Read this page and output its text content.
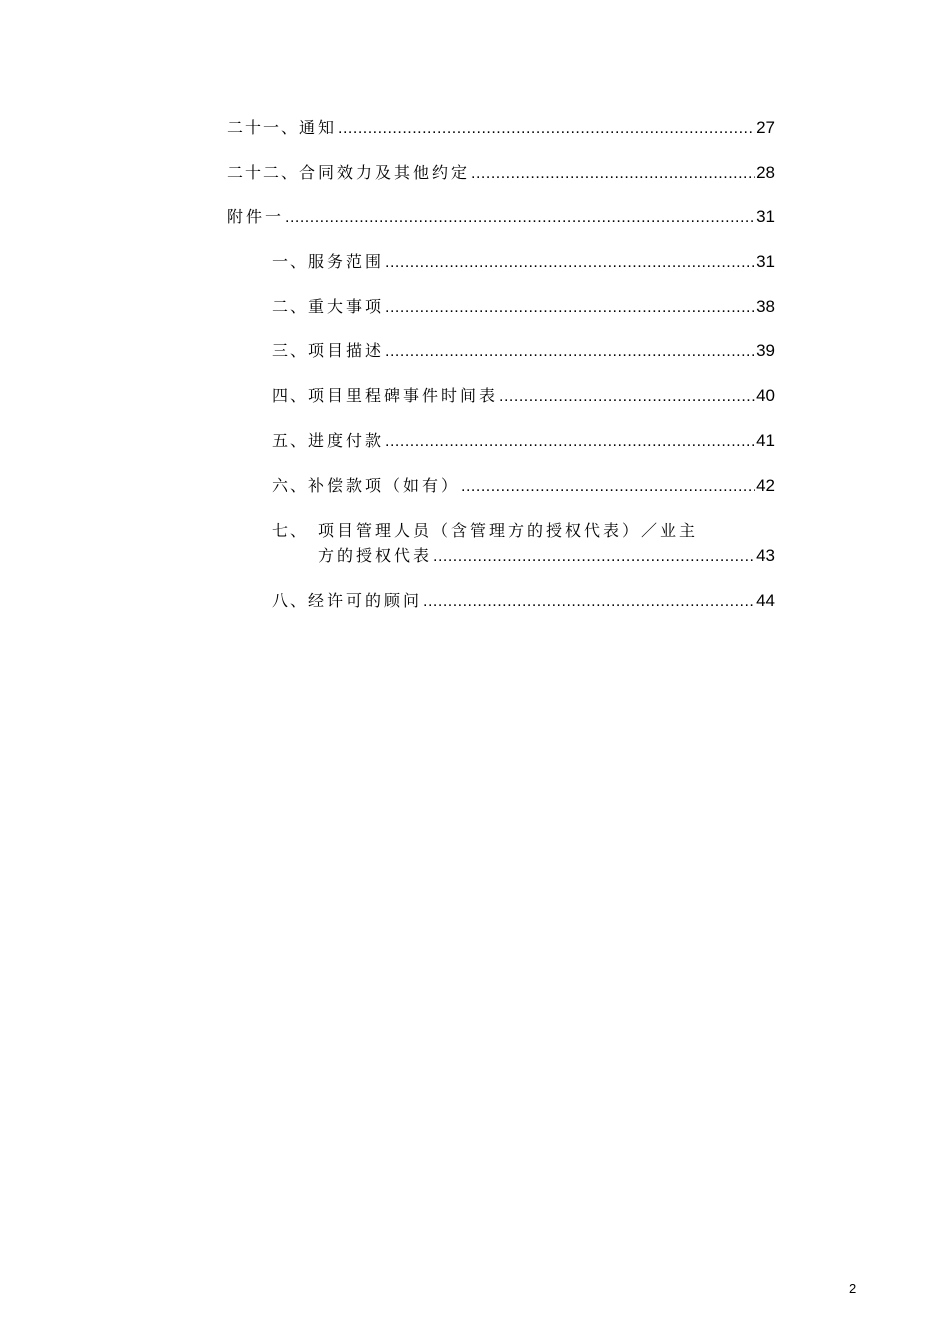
二十一、 通知 .....	27
二十二、 合同效力及其他约定 .....	28
附件一 .....	31
一、 服务范围 .....	31
二、 重大事项 .....	38
三、 项目描述 .....	39
四、 项目里程碑事件时间表 .....	40
五、 进度付款 .....	41
六、 补偿款项（如有） .....	42
七、 项目管理人员（含管理方的授权代表）／业主
方的授权代表 .....	43
八、 经许可的顾问 .....	44
2
